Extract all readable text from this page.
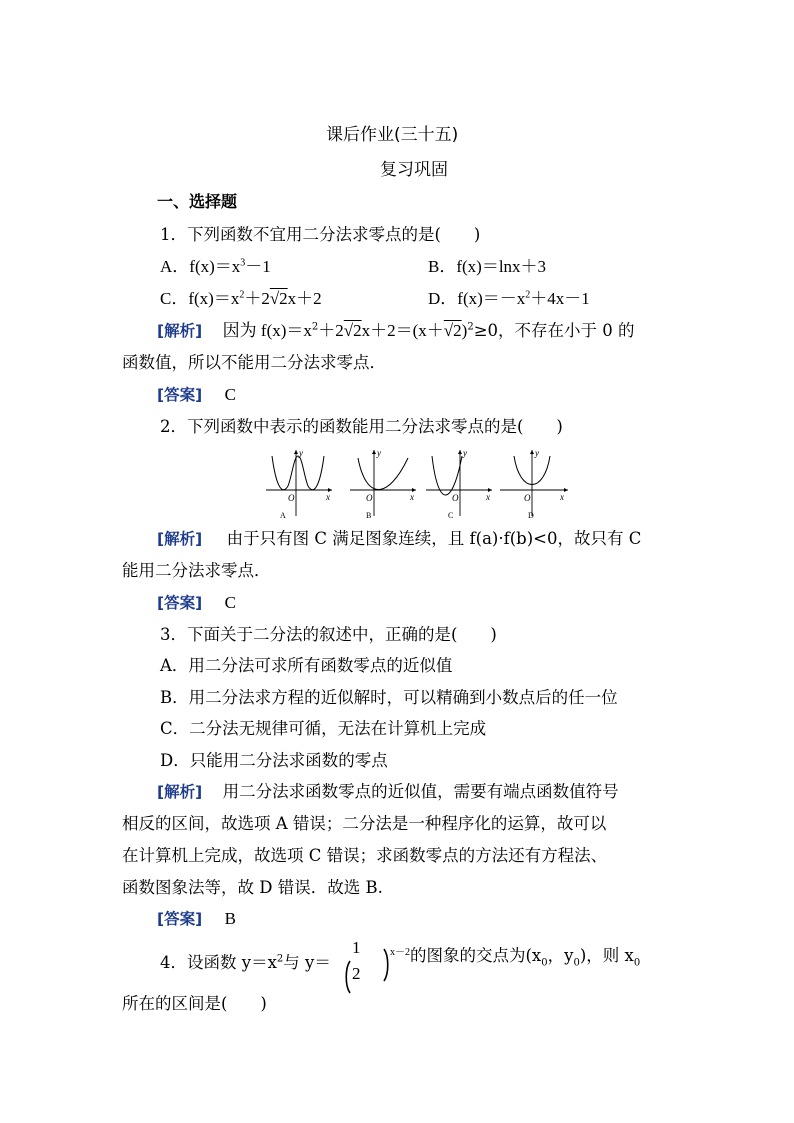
课后作业(三十五)
复习巩固
一、选择题
1．下列函数不宜用二分法求零点的是(　　)
A．$f(x)=x^3-1$	B．f(x)＝lnx＋3
C．$f(x)=x^2+2√2x+2$	D．$f(x)=-x^2+4x-1$
[解析] 因为 $f(x)=x^2+2√2x+2=(x+√2)^2\ge 0$，不存在小于 0 的
函数值，所以不能用二分法求零点．
[答案] C
2．下列函数中表示的函数能用二分法求零点的是(　　)
O	x
y
A
O	x
y
B
O	x
y
C
O	x
y
D
[解析] 由于只有图 C 满足图象连续，且 f(a)·f(b)<0，故只有 C
能用二分法求零点．
[答案] C
3．下面关于二分法的叙述中，正确的是(　　)
A．用二分法可求所有函数零点的近似值
B．用二分法求方程的近似解时，可以精确到小数点后的任一位
C．二分法无规律可循，无法在计算机上完成
D．只能用二分法求函数的零点
[解析] 用二分法求函数零点的近似值，需要有端点函数值符号
相反的区间，故选项 A 错误；二分法是一种程序化的运算，故可以
在计算机上完成，故选项 C 错误；求函数零点的方法还有方程法、
函数图象法等，故 D 错误．故选 B.
[答案] B
4．设函数 $y=x^2$与 y＝
1
2
$^{x-2}$的图象的交点为($x_0$，$y_0$)，则 $x_0$
所在的区间是(　　)
